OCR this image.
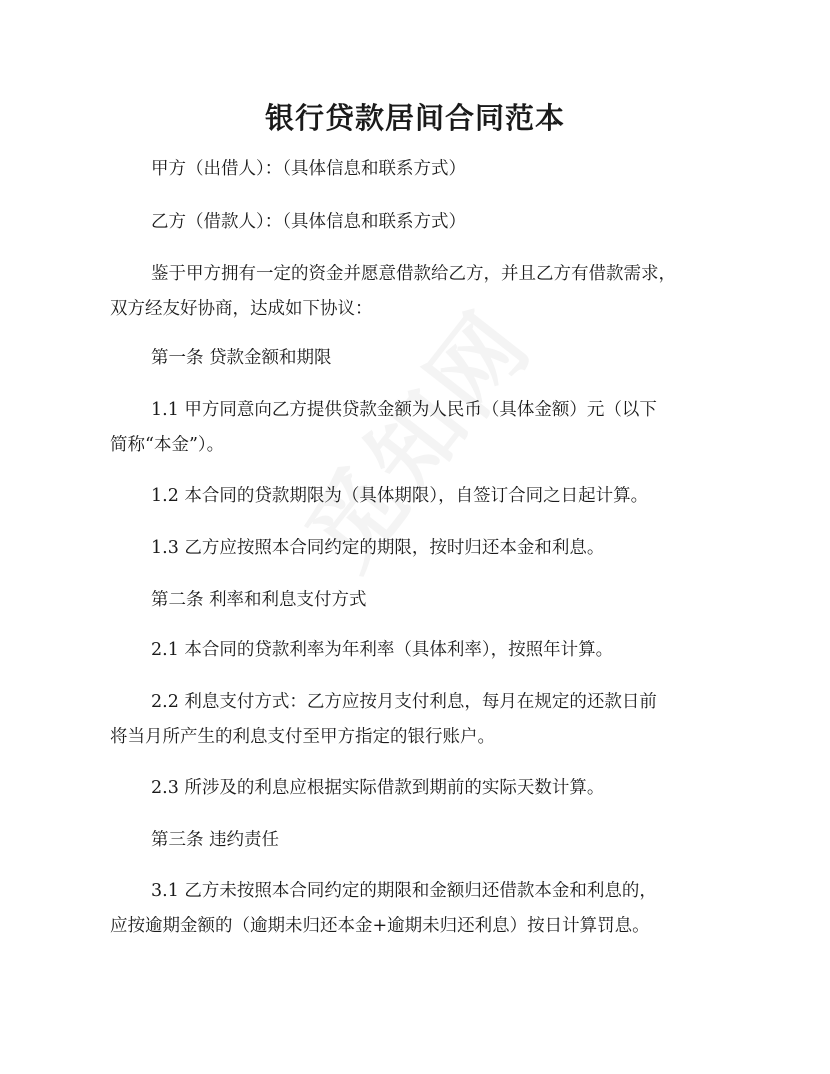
银行贷款居间合同范本
甲方（出借人）：（具体信息和联系方式）
乙方（借款人）：（具体信息和联系方式）
鉴于甲方拥有一定的资金并愿意借款给乙方，并且乙方有借款需求，
双方经友好协商，达成如下协议：
第一条 贷款金额和期限
1.1 甲方同意向乙方提供贷款金额为人民币（具体金额）元（以下
简称“本金”）。
1.2 本合同的贷款期限为（具体期限），自签订合同之日起计算。
1.3 乙方应按照本合同约定的期限，按时归还本金和利息。
第二条 利率和利息支付方式
2.1 本合同的贷款利率为年利率（具体利率），按照年计算。
2.2 利息支付方式：乙方应按月支付利息，每月在规定的还款日前
将当月所产生的利息支付至甲方指定的银行账户。
2.3 所涉及的利息应根据实际借款到期前的实际天数计算。
第三条 违约责任
3.1 乙方未按照本合同约定的期限和金额归还借款本金和利息的，
应按逾期金额的（逾期未归还本金+逾期未归还利息）按日计算罚息。
